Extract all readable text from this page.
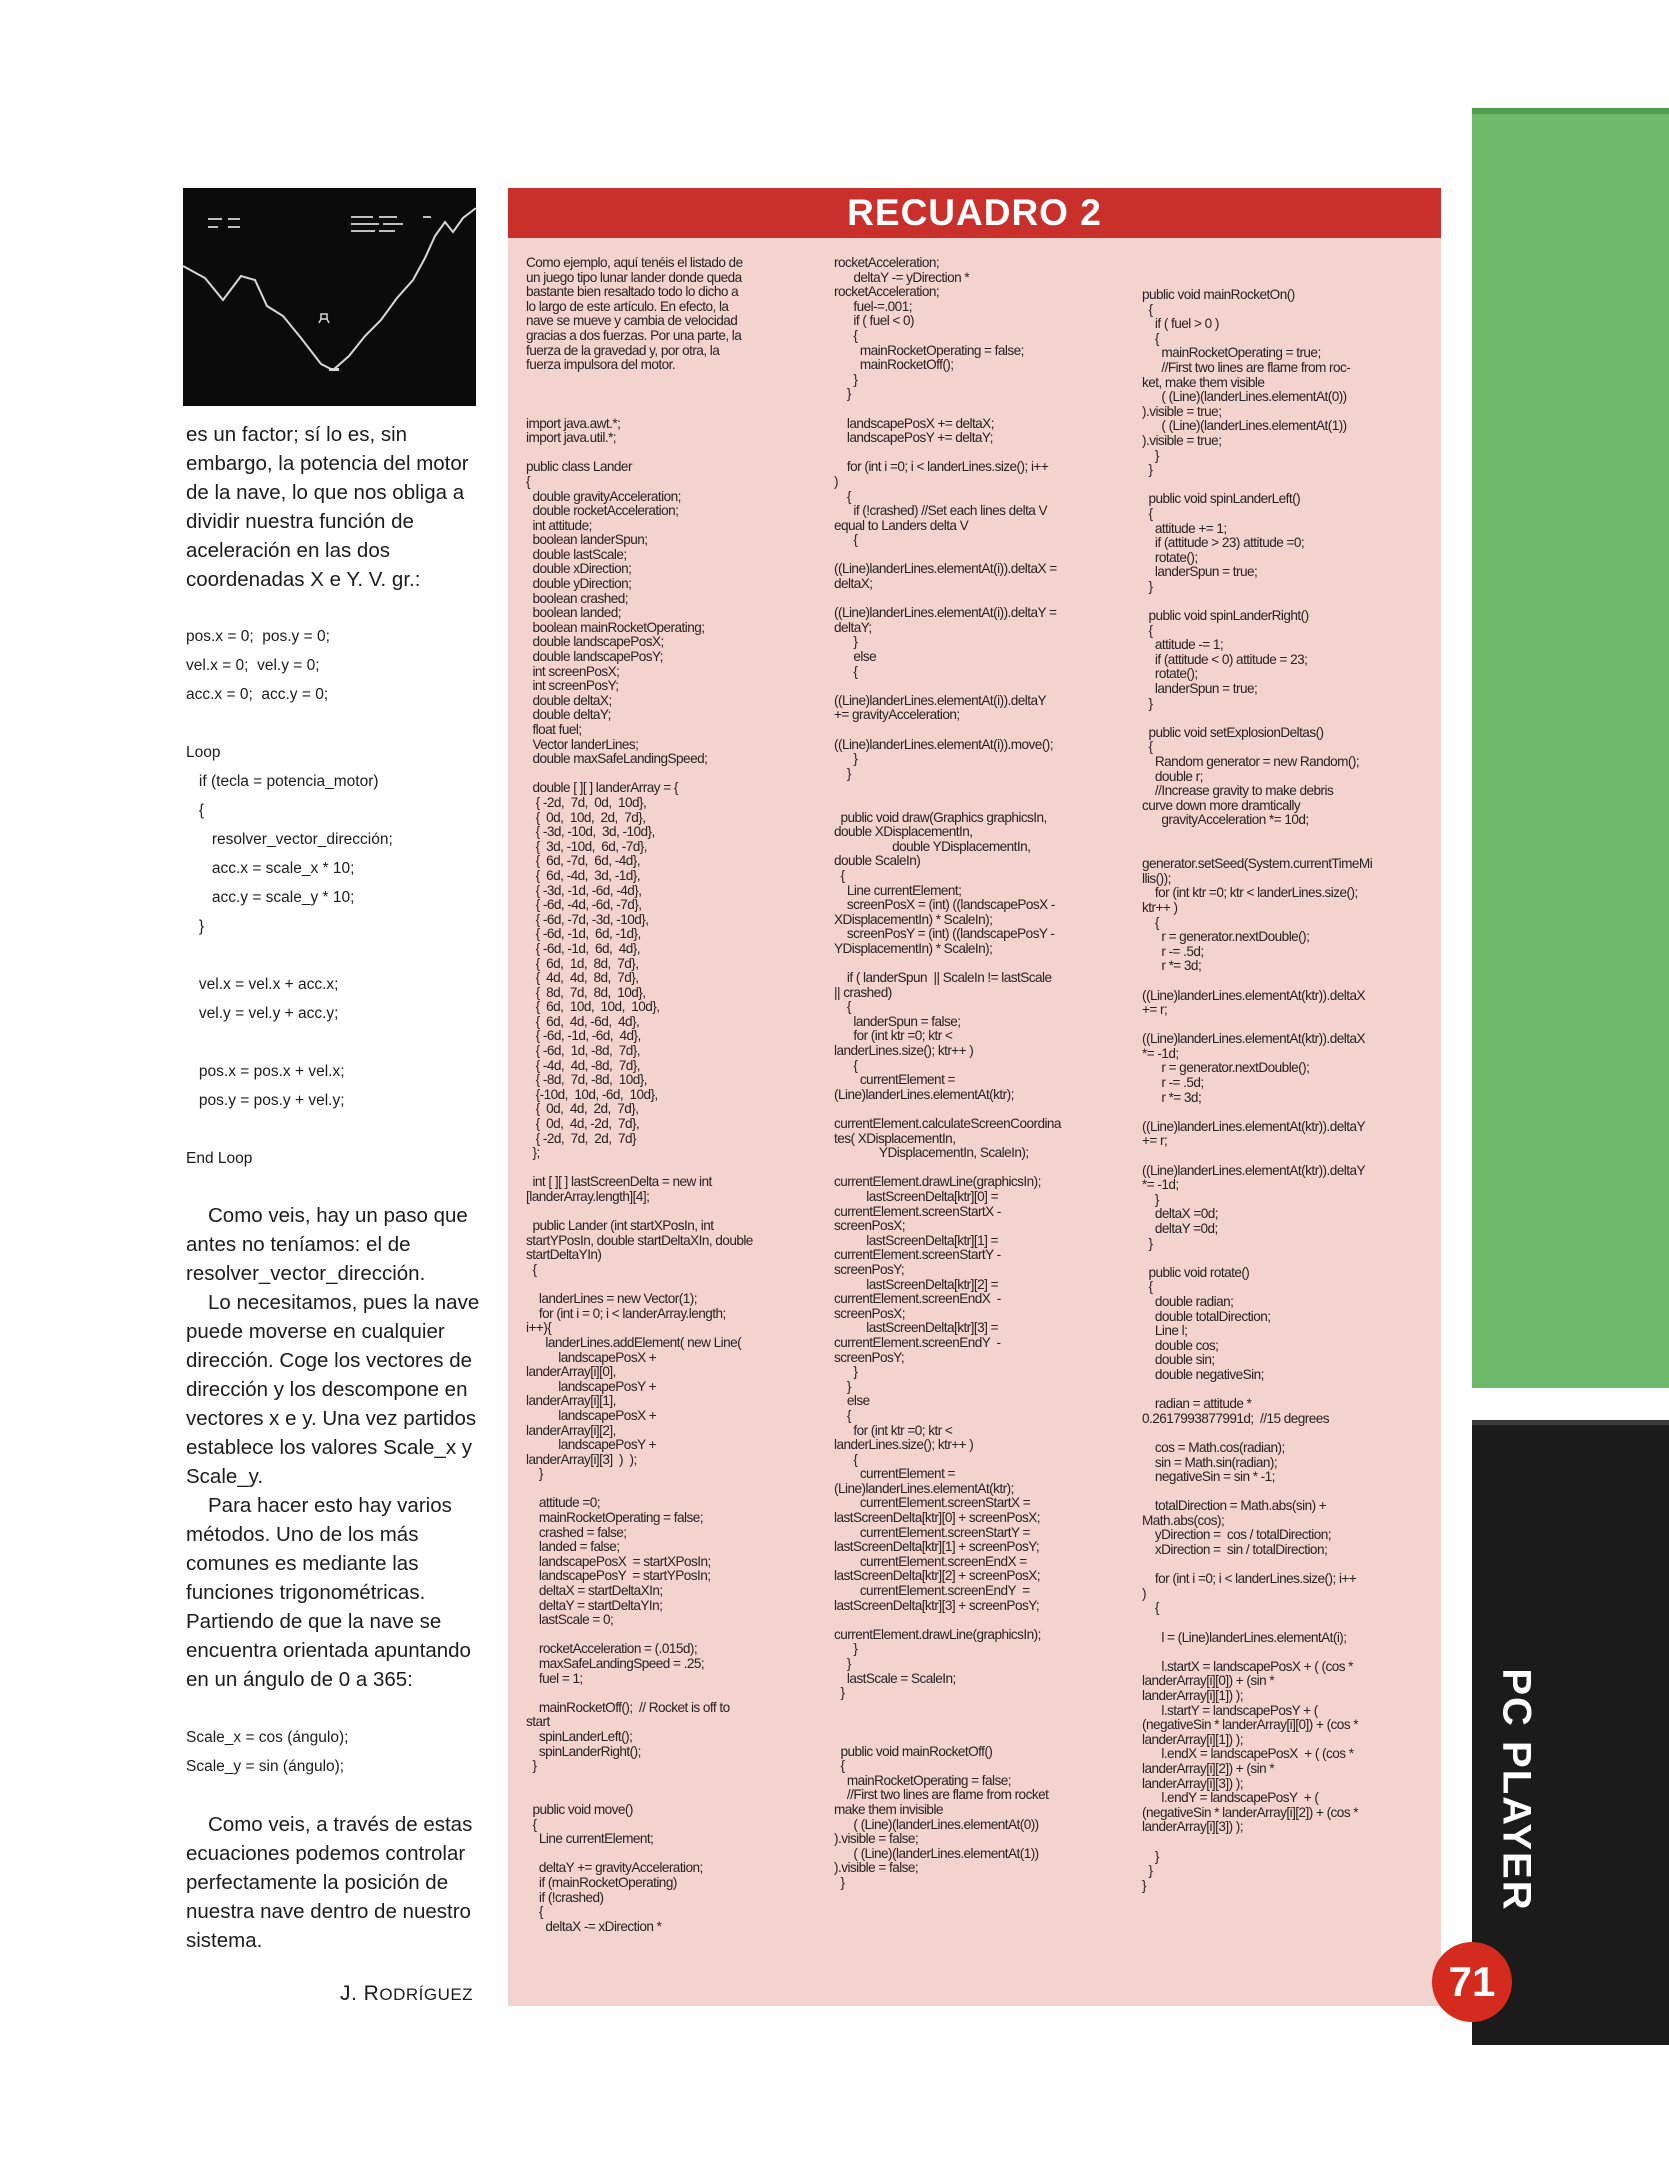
es un factor; sí lo es, sin embargo, la potencia del motor de la nave, lo que nos obliga a dividir nuestra función de aceleración en las dos coordenadas X e Y. V. gr.:

pos.x = 0;  pos.y = 0;
vel.x = 0;  vel.y = 0;
acc.x = 0;  acc.y = 0;
Loop
if (tecla = potencia_motor)
{
resolver_vector_dirección;
acc.x = scale_x * 10;
acc.y = scale_y * 10;
}

vel.x = vel.x + acc.x;
vel.y = vel.y + acc.y;

pos.x = pos.x + vel.x;
pos.y = pos.y + vel.y;

End Loop

Como veis, hay un paso que antes no teníamos: el de resolver_vector_dirección.

Lo necesitamos, pues la nave puede moverse en cualquier dirección. Coge los vectores de dirección y los descompone en vectores x e y. Una vez partidos establece los valores Scale_x y Scale_y.

Para hacer esto hay varios métodos. Uno de los más comunes es mediante las funciones trigonométricas. Partiendo de que la nave se encuentra orientada apuntando en un ángulo de 0 a 365:

Scale_x = cos (ángulo);
Scale_y = sin (ángulo);

Como veis, a través de estas ecuaciones podemos controlar perfectamente la posición de nuestra nave dentro de nuestro sistema.

J. RODRÍGUEZ
RECUADRO 2
Como ejemplo, aquí tenéis el listado de
un juego tipo lunar lander donde queda
bastante bien resaltado todo lo dicho a
lo largo de este artículo. En efecto, la
nave se mueve y cambia de velocidad
gracias a dos fuerzas. Por una parte, la
fuerza de la gravedad y, por otra, la
fuerza impulsora del motor.

import java.awt.*;
import java.util.*;

public class Lander
{
double gravityAcceleration;
double rocketAcceleration;
int attitude;
boolean landerSpun;
double lastScale;
double xDirection;
double yDirection;
boolean crashed;
boolean landed;
boolean mainRocketOperating;
double landscapePosX;
double landscapePosY;
int screenPosX;
int screenPosY;
double deltaX;
double deltaY;
float fuel;
Vector landerLines;
double maxSafeLandingSpeed;

double [ ][ ] landerArray = {
{ -2d,  7d,  0d,  10d},
{  0d,  10d,  2d,  7d},
{ -3d, -10d,  3d, -10d},
{  3d, -10d,  6d, -7d},
{  6d, -7d,  6d, -4d},
{  6d, -4d,  3d, -1d},
{ -3d, -1d, -6d, -4d},
{ -6d, -4d, -6d, -7d},
{ -6d, -7d, -3d, -10d},
{ -6d, -1d,  6d, -1d},
{ -6d, -1d,  6d,  4d},
{  6d,  1d,  8d,  7d},
{  4d,  4d,  8d,  7d},
{  8d,  7d,  8d,  10d},
{  6d,  10d,  10d,  10d},
{  6d,  4d, -6d,  4d},
{ -6d, -1d, -6d,  4d},
{ -6d,  1d, -8d,  7d},
{ -4d,  4d, -8d,  7d},
{ -8d,  7d, -8d,  10d},
{-10d,  10d, -6d,  10d},
{  0d,  4d,  2d,  7d},
{  0d,  4d, -2d,  7d},
{ -2d,  7d,  2d,  7d}
};

int [ ][ ] lastScreenDelta = new int
[landerArray.length][4];

public Lander (int startXPosIn, int
startYPosIn, double startDeltaXIn, double
startDeltaYIn)
{

landerLines = new Vector(1);
for (int i = 0; i < landerArray.length;
i++){
landerLines.addElement( new Line(
landscapePosX +
landerArray[i][0],
landscapePosY +
landerArray[i][1],
landscapePosX +
landerArray[i][2],
landscapePosY +
landerArray[i][3]  )  );
}

attitude =0;
mainRocketOperating = false;
crashed = false;
landed = false;
landscapePosX  = startXPosIn;
landscapePosY  = startYPosIn;
deltaX = startDeltaXIn;
deltaY = startDeltaYIn;
lastScale = 0;

rocketAcceleration = (.015d);
maxSafeLandingSpeed = .25;
fuel = 1;

mainRocketOff();  // Rocket is off to
start
spinLanderLeft();
spinLanderRight();
}

public void move()
{
Line currentElement;

deltaY += gravityAcceleration;
if (mainRocketOperating)
if (!crashed)
{
deltaX -= xDirection *
rocketAcceleration;
deltaY -= yDirection *
rocketAcceleration;
fuel-=.001;
if ( fuel < 0)
{
mainRocketOperating = false;
mainRocketOff();
}
}

landscapePosX += deltaX;
landscapePosY += deltaY;

for (int i =0; i < landerLines.size(); i++
)
{
if (!crashed) //Set each lines delta V
equal to Landers delta V
{

((Line)landerLines.elementAt(i)).deltaX =
deltaX;

((Line)landerLines.elementAt(i)).deltaY =
deltaY;
}
else
{

((Line)landerLines.elementAt(i)).deltaY
+= gravityAcceleration;

((Line)landerLines.elementAt(i)).move();
}
}

public void draw(Graphics graphicsIn,
double XDisplacementIn,
double YDisplacementIn,
double ScaleIn)
{
Line currentElement;
screenPosX = (int) ((landscapePosX -
XDisplacementIn) * ScaleIn);
screenPosY = (int) ((landscapePosY -
YDisplacementIn) * ScaleIn);

if ( landerSpun  || ScaleIn != lastScale
|| crashed)
{
landerSpun = false;
for (int ktr =0; ktr <
landerLines.size(); ktr++ )
{
currentElement =
(Line)landerLines.elementAt(ktr);

currentElement.calculateScreenCoordina
tes( XDisplacementIn,
YDisplacementIn, ScaleIn);

currentElement.drawLine(graphicsIn);
lastScreenDelta[ktr][0] =
currentElement.screenStartX -
screenPosX;
lastScreenDelta[ktr][1] =
currentElement.screenStartY -
screenPosY;
lastScreenDelta[ktr][2] =
currentElement.screenEndX  -
screenPosX;
lastScreenDelta[ktr][3] =
currentElement.screenEndY  -
screenPosY;
}
}
else
{
for (int ktr =0; ktr <
landerLines.size(); ktr++ )
{
currentElement =
(Line)landerLines.elementAt(ktr);
currentElement.screenStartX =
lastScreenDelta[ktr][0] + screenPosX;
currentElement.screenStartY =
lastScreenDelta[ktr][1] + screenPosY;
currentElement.screenEndX =
lastScreenDelta[ktr][2] + screenPosX;
currentElement.screenEndY  =
lastScreenDelta[ktr][3] + screenPosY;

currentElement.drawLine(graphicsIn);
}
}
lastScale = ScaleIn;
}

public void mainRocketOff()
{
mainRocketOperating = false;
//First two lines are flame from rocket
make them invisible
( (Line)(landerLines.elementAt(0))
).visible = false;
( (Line)(landerLines.elementAt(1))
).visible = false;
}
public void mainRocketOn()
{
if ( fuel > 0 )
{
mainRocketOperating = true;
//First two lines are flame from roc-
ket, make them visible
( (Line)(landerLines.elementAt(0))
).visible = true;
( (Line)(landerLines.elementAt(1))
).visible = true;
}
}

public void spinLanderLeft()
{
attitude += 1;
if (attitude > 23) attitude =0;
rotate();
landerSpun = true;
}

public void spinLanderRight()
{
attitude -= 1;
if (attitude < 0) attitude = 23;
rotate();
landerSpun = true;
}

public void setExplosionDeltas()
{
Random generator = new Random();
double r;
//Increase gravity to make debris
curve down more dramtically
gravityAcceleration *= 10d;

generator.setSeed(System.currentTimeMi
llis());
for (int ktr =0; ktr < landerLines.size();
ktr++ )
{
r = generator.nextDouble();
r -= .5d;
r *= 3d;

((Line)landerLines.elementAt(ktr)).deltaX
+= r;

((Line)landerLines.elementAt(ktr)).deltaX
*= -1d;
r = generator.nextDouble();
r -= .5d;
r *= 3d;

((Line)landerLines.elementAt(ktr)).deltaY
+= r;

((Line)landerLines.elementAt(ktr)).deltaY
*= -1d;
}
deltaX =0d;
deltaY =0d;
}

public void rotate()
{
double radian;
double totalDirection;
Line l;
double cos;
double sin;
double negativeSin;

radian = attitude *
0.2617993877991d;  //15 degrees

cos = Math.cos(radian);
sin = Math.sin(radian);
negativeSin = sin * -1;

totalDirection = Math.abs(sin) +
Math.abs(cos);
yDirection =  cos / totalDirection;
xDirection =  sin / totalDirection;

for (int i =0; i < landerLines.size(); i++
)
{

l = (Line)landerLines.elementAt(i);

l.startX = landscapePosX + ( (cos *
landerArray[i][0]) + (sin *
landerArray[i][1]) );
l.startY = landscapePosY + (
(negativeSin * landerArray[i][0]) + (cos *
landerArray[i][1]) );
l.endX = landscapePosX  + ( (cos *
landerArray[i][2]) + (sin *
landerArray[i][3]) );
l.endY = landscapePosY  + (
(negativeSin * landerArray[i][2]) + (cos *
landerArray[i][3]) );

}
}
}	PC PLAYER
71
